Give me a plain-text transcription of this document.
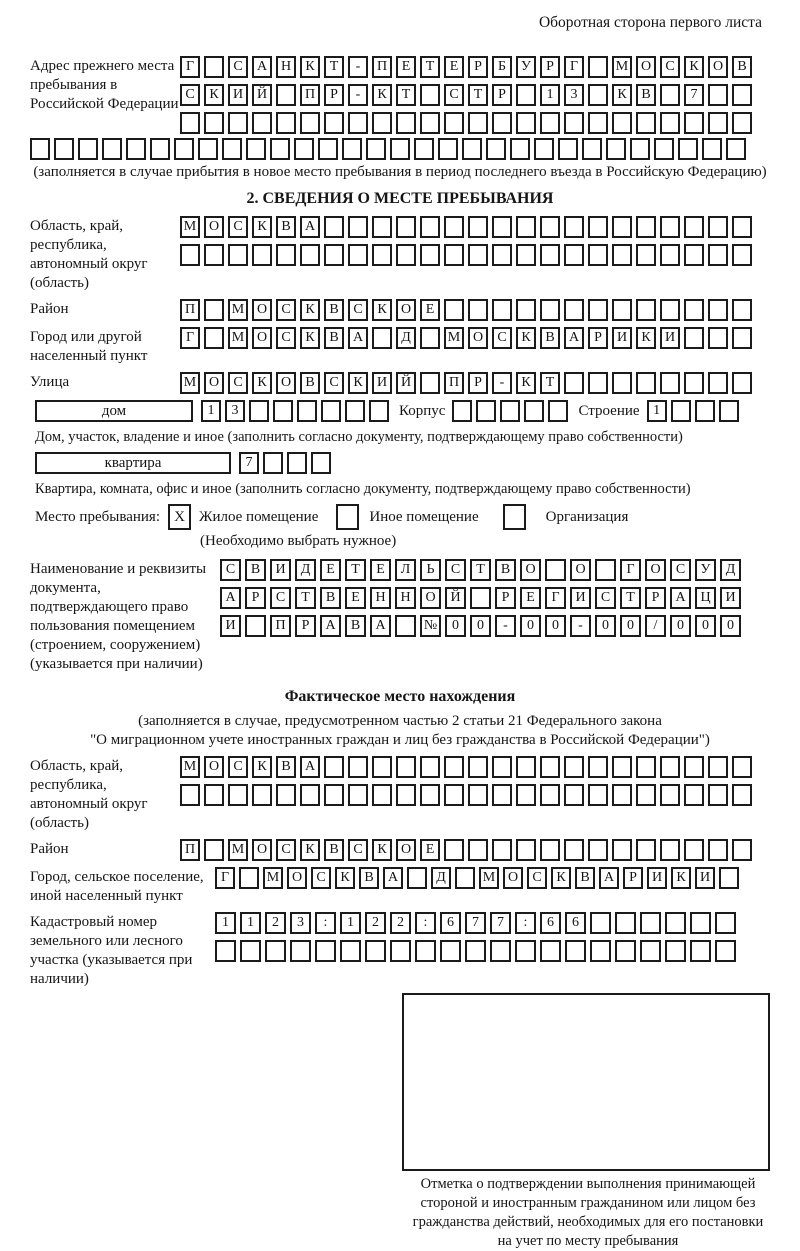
Оборотная сторона первого листа
Адрес прежнего места пребывания в Российской Федерации
Г	С	А Н	К	Т	-	П	Е	Т	Е	Р	Б	У	Р	Г	М О	С	К	О	В
С	К	И Й	П	Р	-	К	Т	С	Т	Р	1	3	К	В	7
(заполняется в случае прибытия в новое место пребывания в период последнего въезда в Российскую Федерацию)
2. СВЕДЕНИЯ О МЕСТЕ ПРЕБЫВАНИЯ
Область, край, республика, автономный округ (область)
М О	С	К	В	А
Район	П	М О	С	К	В	С	К	О	Е
Город или другой населенный пункт
Г	М О	С	К	В	А	Д	М О	С	К	В	А	Р	И	К	И
Улица	М О	С	К	О	В	С	К	И Й	П	Р	-	К	Т
дом	1	3	Корпус	Строение 1
Дом, участок, владение и иное (заполнить согласно документу, подтверждающему право собственности)
квартира	7
Квартира, комната, офис и иное (заполнить согласно документу, подтверждающему право собственности)
Место пребывания: X Жилое помещение	Иное помещение	Организация
(Необходимо выбрать нужное)
Наименование и реквизиты документа, подтверждающего право пользования помещением (строением, сооружением) (указывается при наличии)
С	В	И	Д	Е	Т	Е	Л	Ь	С	Т	В	О	О	Г	О	С	У	Д
А	Р	С	Т	В	Е	Н	Н	О	Й	Р	Е	Г	И	С	Т	Р	А	Ц	И
И	П	Р	А	В	А	№	0	0	-	0	0	-	0	0	/	0	0	0
Фактическое место нахождения
(заполняется в случае, предусмотренном частью 2 статьи 21 Федерального закона
"О миграционном учете иностранных граждан и лиц без гражданства в Российской Федерации")
Область, край, республика, автономный округ (область)
М О	С	К	В	А
Район	П	М О	С	К	В	С	К	О	Е
Город, сельское поселение, иной населенный пункт
Г	М О	С	К	В	А	Д	М О	С	К	В	А	Р	И	К	И
Кадастровый номер земельного или лесного участка (указывается при наличии)
1	1	2	3	:	1	2	2	:	6	7	7	:	6	6
Отметка о подтверждении выполнения принимающей
стороной и иностранным гражданином или лицом без
гражданства действий, необходимых для его постановки
на учет по месту пребывания
